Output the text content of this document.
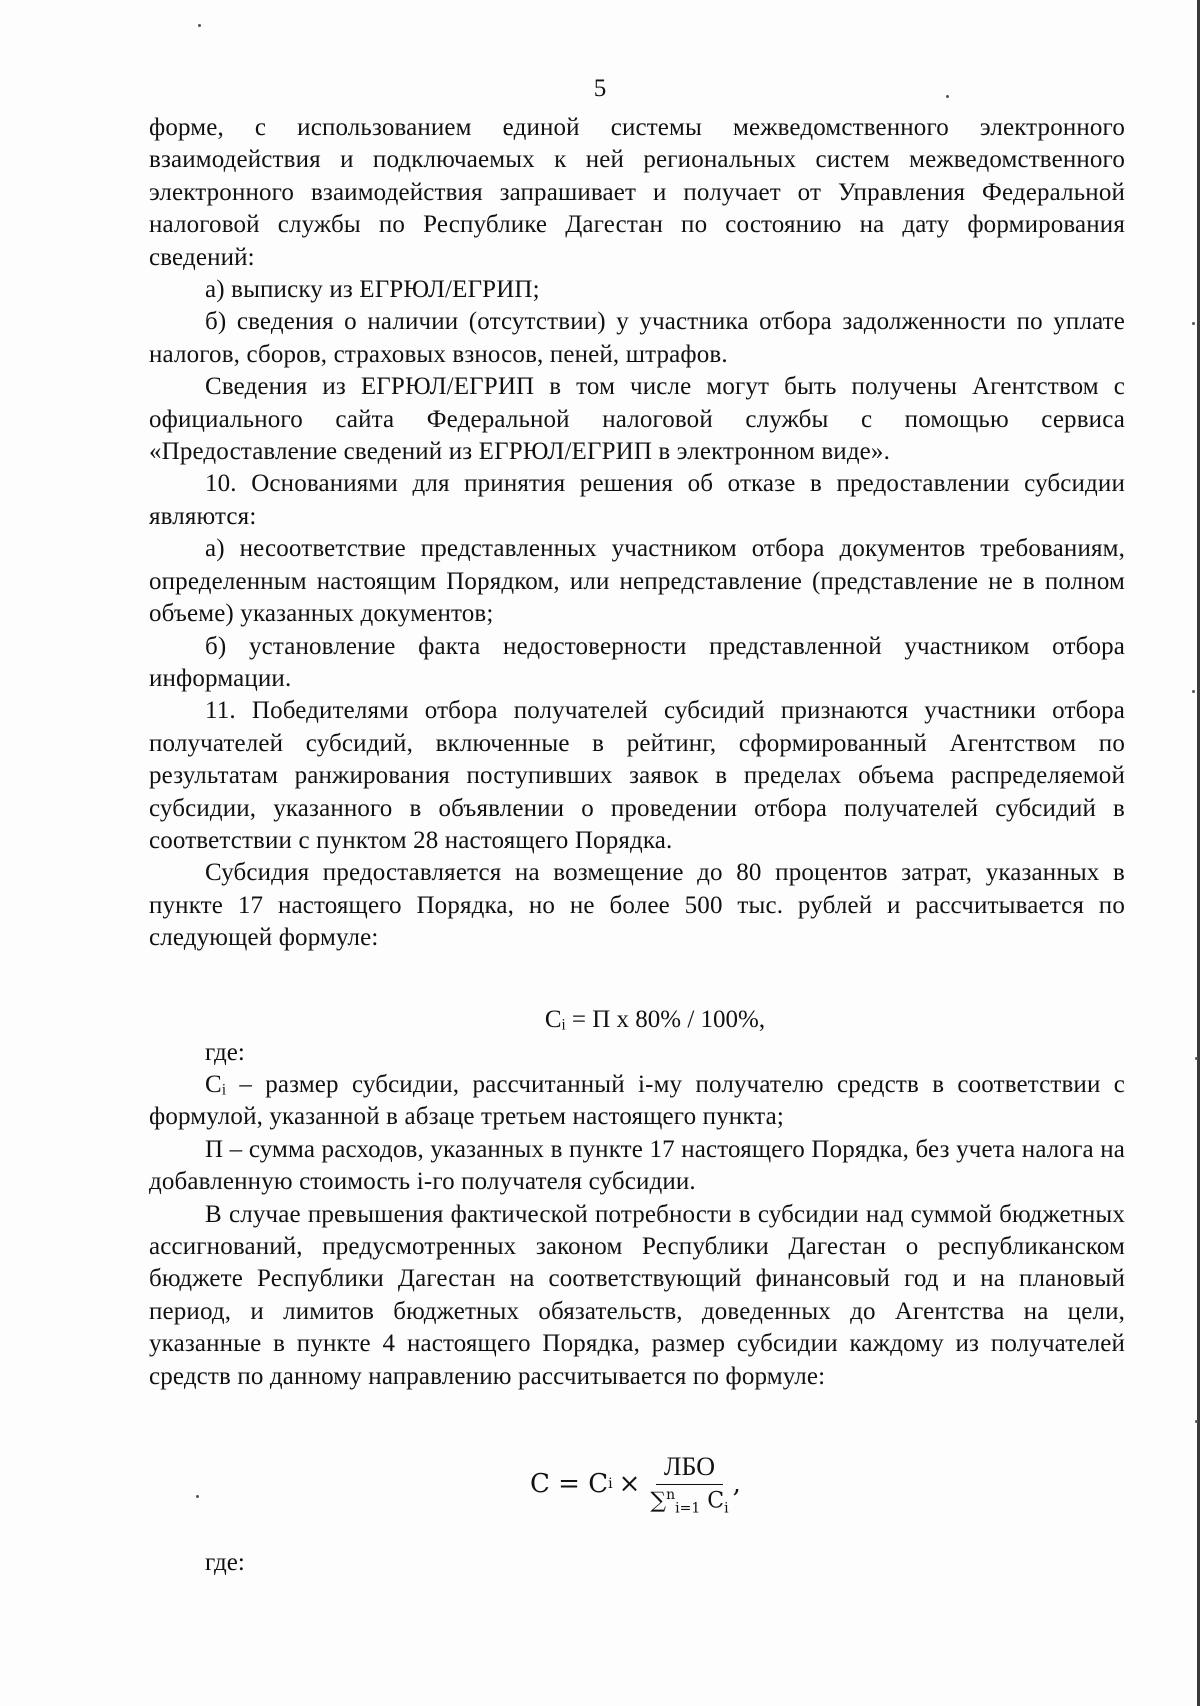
5

форме, с использованием единой системы межведомственного электронного взаимодействия и подключаемых к ней региональных систем межведомственного электронного взаимодействия запрашивает и получает от Управления Федеральной налоговой службы по Республике Дагестан по состоянию на дату формирования сведений:

а) выписку из ЕГРЮЛ/ЕГРИП;

б) сведения о наличии (отсутствии) у участника отбора задолженности по уплате налогов, сборов, страховых взносов, пеней, штрафов.

Сведения из ЕГРЮЛ/ЕГРИП в том числе могут быть получены Агентством с официального сайта Федеральной налоговой службы с помощью сервиса «Предоставление сведений из ЕГРЮЛ/ЕГРИП в электронном виде».

10. Основаниями для принятия решения об отказе в предоставлении субсидии являются:

а) несоответствие представленных участником отбора документов требованиям, определенным настоящим Порядком, или непредставление (представление не в полном объеме) указанных документов;

б) установление факта недостоверности представленной участником отбора информации.

11. Победителями отбора получателей субсидий признаются участники отбора получателей субсидий, включенные в рейтинг, сформированный Агентством по результатам ранжирования поступивших заявок в пределах объема распределяемой субсидии, указанного в объявлении о проведении отбора получателей субсидий в соответствии с пунктом 28 настоящего Порядка.

Субсидия предоставляется на возмещение до 80 процентов затрат, указанных в пункте 17 настоящего Порядка, но не более 500 тыс. рублей и рассчитывается по следующей формуле:

Cᵢ = П x 80% / 100%,
где:

Cᵢ – размер субсидии, рассчитанный i-му получателю средств в соответствии с формулой, указанной в абзаце третьем настоящего пункта;

П – сумма расходов, указанных в пункте 17 настоящего Порядка, без учета налога на добавленную стоимость i-го получателя субсидии.

В случае превышения фактической потребности в субсидии над суммой бюджетных ассигнований, предусмотренных законом Республики Дагестан о республиканском бюджете Республики Дагестан на соответствующий финансовый год и на плановый период, и лимитов бюджетных обязательств, доведенных до Агентства на цели, указанные в пункте 4 настоящего Порядка, размер субсидии каждому из получателей средств по данному направлению рассчитывается по формуле:

C = C $i \times \frac{\text{ЛБО}}{\sum^n_{i=1} C_i}$ ,
где:
